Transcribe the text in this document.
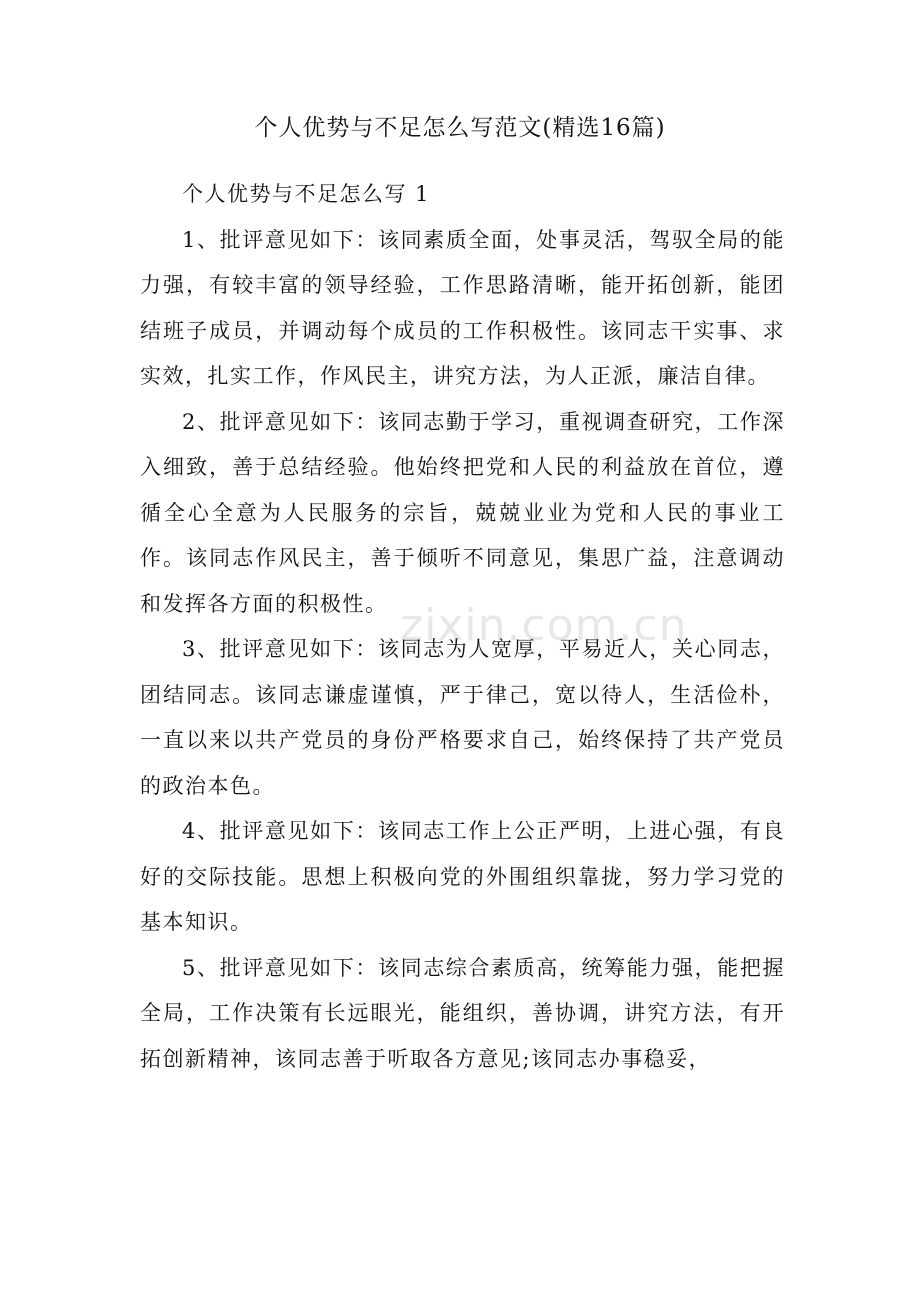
个人优势与不足怎么写范文(精选16篇)

个人优势与不足怎么写 1

1、批评意见如下：该同素质全面，处事灵活，驾驭全局的能力强，有较丰富的领导经验，工作思路清晰，能开拓创新，能团结班子成员，并调动每个成员的工作积极性。该同志干实事、求实效，扎实工作，作风民主，讲究方法，为人正派，廉洁自律。

2、批评意见如下：该同志勤于学习，重视调查研究，工作深入细致，善于总结经验。他始终把党和人民的利益放在首位，遵循全心全意为人民服务的宗旨，兢兢业业为党和人民的事业工作。该同志作风民主，善于倾听不同意见，集思广益，注意调动和发挥各方面的积极性。

3、批评意见如下：该同志为人宽厚，平易近人，关心同志，团结同志。该同志谦虚谨慎，严于律己，宽以待人，生活俭朴，一直以来以共产党员的身份严格要求自己，始终保持了共产党员的政治本色。

4、批评意见如下：该同志工作上公正严明，上进心强，有良好的交际技能。思想上积极向党的外围组织靠拢，努力学习党的基本知识。

5、批评意见如下：该同志综合素质高，统筹能力强，能把握全局，工作决策有长远眼光，能组织，善协调，讲究方法，有开拓创新精神，该同志善于听取各方意见;该同志办事稳妥，

zixin.com.cn
